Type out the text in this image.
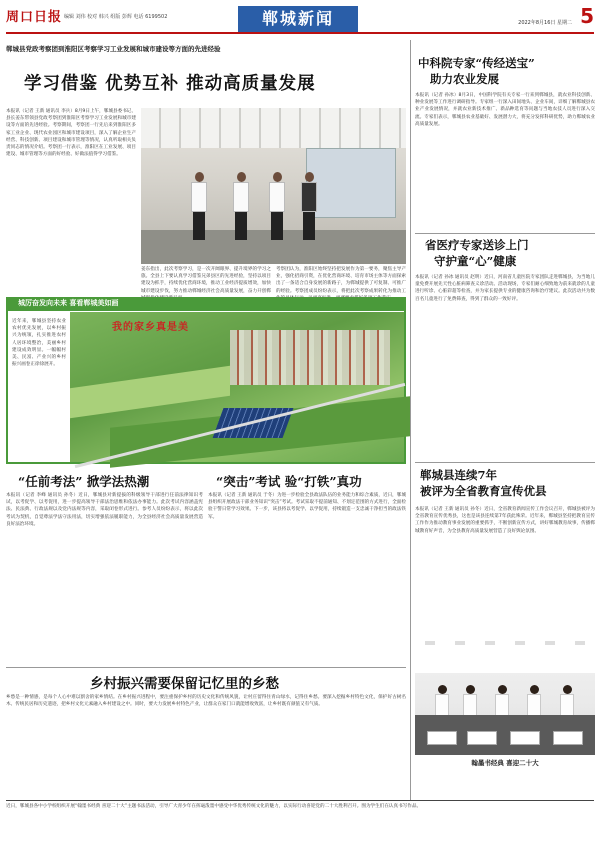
周口日报 编辑 刘伟 校对 韩兴 组版 彭辉 电话 6199502	郸城新闻	2022年8月16日 星期二 5
郸城县党政考察团到淮阳区考察学习工业发展和城市建设等方面的先进经验
学习借鉴 优势互补 推动高质量发展
本报讯（记者 王新 通讯员 李兵）8月9日上午，郸城县委书记、县长姜东带领县党政考察团到淮阳区考察学习工业发展和城市建设等方面的先进经验。考察期间，考察团一行先后来到淮阳区多家工业企业、现代农业园区和城市建设项目，深入了解企业生产经营、科技创新、项目建设和城市管理等情况，认真听取相关负责同志的情况介绍。考察团一行表示，淮阳区在工业发展、项目建设、城市管理等方面的好经验、好做法值得学习借鉴。
姜东指出，此次考察学习，是一次开阔眼界、提升境界的学习之旅。全县上下要认真学习借鉴兄弟县区的先进经验，坚持以项目建设为抓手，持续优化营商环境，推动工业经济提质增效，加快城市建设步伐，努力推动郸城经济社会高质量发展，奋力开创郸
考察团认为，淮阳区始终坚持把发展作为第一要务，聚焦主导产业，强化招商引资，在优化营商环境、培育市场主体等方面探索出了一条适合自身发展的新路子，为郸城提供了可复制、可推广的经验。考察团成员纷纷表示，将把此次考察成果转化为推动工
城厉奋发向未来 喜看郸城美如画
我的家乡真是美
近年来，郸城县坚持农业农村优先发展，以乡村振兴为统领，扎实推进农村人居环境整治，美丽乡村建设成效明显。一幅幅村美、民富、产业兴的乡村振兴画卷正徐徐展开。
“任前考法” 掀学法热潮
本报讯（记者 李峰 通讯员 孙冬）近日，郸城县对新提拔的科级领导干部进行任前法律知识考试，以考促学、以考促用，进一步提高领导干部法治思维和依法办事能力。此次考试内容涵盖宪法、民法典、行政法规以及党内法规等内容，采取闭卷形式进行。参考人员纷纷表示，将以此次考试为契机，自觉尊法学法守法用法，切实增强依法履职能力，为全县经济社会高质量发展营造良好法治环境。
“突击”考试 验“打铁”真功
本报讯（记者 王新 通讯员 于冬）为进一步检验全县政法队伍的业务能力和综合素质，近日，郸城县组织开展政法干部业务知识“突击”考试。考试采取不提前通知、不划定范围的方式进行，全面检验干警日常学习效果。下一步，该县将以考促学、以学促用，持续锻造一支忠诚干净担当的政法铁军。
乡村振兴需要保留记忆里的乡愁
乡愁是一种情感，是每个人心中难以割舍的家乡情结。在乡村振兴进程中，要注重保护乡村的历史文化和传统风貌，让村庄留得住青山绿水，记得住乡愁。要深入挖掘乡村特色文化，保护好古树名木、传统民居和历史遗迹，把乡村文化元素融入乡村建设之中。同时，要大力发展乡村特色产业，让群众在家门口就能增收致富，让乡村既有颜值又有气质。
中科院专家“传经送宝”
助力农业发展
本报讯（记者 孙冰）8月3日，中国科学院有关专家一行来到郸城县，就农业科技创新、种业发展等工作进行调研指导。专家组一行深入田间地头、企业车间，详细了解郸城县农业产业发展情况，并就农业新技术推广、新品种选育等问题与当地农技人员进行深入交流。专家们表示，郸城县农业基础好、发展潜力大，将充分发挥科研优势，助力郸城农业高质量发展。
省医疗专家送诊上门
守护童“心”健康
本报讯（记者 孙冰 通讯员 赵明）近日，河南省儿童医院专家团队走进郸城县，为当地儿童免费开展先天性心脏病筛查义诊活动。活动现场，专家们耐心细致地为前来就诊的儿童进行听诊、心脏彩超等检查，并为家长提供专业的健康咨询和治疗建议。此次活动共为数百名儿童进行了免费筛查，得到了群众的一致好评。
郸城县连续7年
被评为全省教育宣传优县
本报讯（记者 王新 通讯员 孙冬）近日，全省教育新闻宣传工作会议召开，郸城县被评为全省教育宣传优秀县，这也是该县连续第7年获此殊荣。近年来，郸城县坚持把教育宣传工作作为推动教育事业发展的重要抓手，不断创新宣传方式，讲好郸城教育故事，传播郸城教育好声音，为全县教育高质量发展营造了良好舆论氛围。
翰墨书经典 喜迎二十大
近日，郸城县各中小学校组织开展“翰墨书经典 喜迎二十大”主题书法活动，引导广大青少年在挥毫泼墨中感受中华优秀传统文化的魅力，以实际行动喜迎党的二十大胜利召开。图为学生们在认真书写作品。
